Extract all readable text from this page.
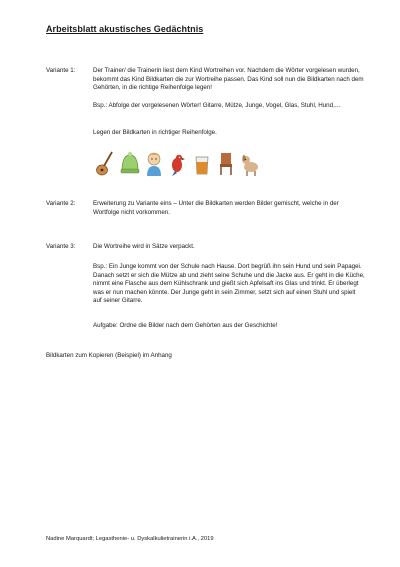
Arbeitsblatt akustisches Gedächtnis
Variante 1:	Der Trainer/ die Trainerin liest dem Kind Wortreihen vor. Nachdem die Wörter vorgelesen wurden, bekommt das Kind Bildkarten die zur Wortreihe passen. Das Kind soll nun die Bildkarten nach dem Gehörten, in die richtige Reihenfolge legen!
Bsp.: Abfolge der vorgelesenen Wörter! Gitarre, Mütze, Junge, Vogel, Glas, Stuhl, Hund,…
Legen der Bildkarten in richtiger Reihenfolge.
Variante 2:	Erweiterung zu Variante eins – Unter die Bildkarten werden Bilder gemischt, welche in der Wortfolge nicht vorkommen.
Variante 3:	Die Wortreihe wird in Sätze verpackt.
Bsp.: Ein Junge kommt von der Schule nach Hause. Dort begrüß ihn sein Hund und sein Papagei. Danach setzt er sich die Mütze ab und zieht seine Schuhe und die Jacke aus. Er geht in die Küche, nimmt eine Flasche aus dem Kühlschrank und gießt sich Apfelsaft ins Glas und trinkt. Er überlegt was er nun machen könnte. Der Junge geht in sein Zimmer, setzt sich auf einen Stuhl und spielt auf seiner Gitarre.
Aufgabe: Ordne die Bilder nach dem Gehörten aus der Geschichte!
Bildkarten zum Kopieren (Beispiel) im Anhang
Nadine Marquardt; Legasthenie- u. Dyskalkulietrainerin i.A., 2019
